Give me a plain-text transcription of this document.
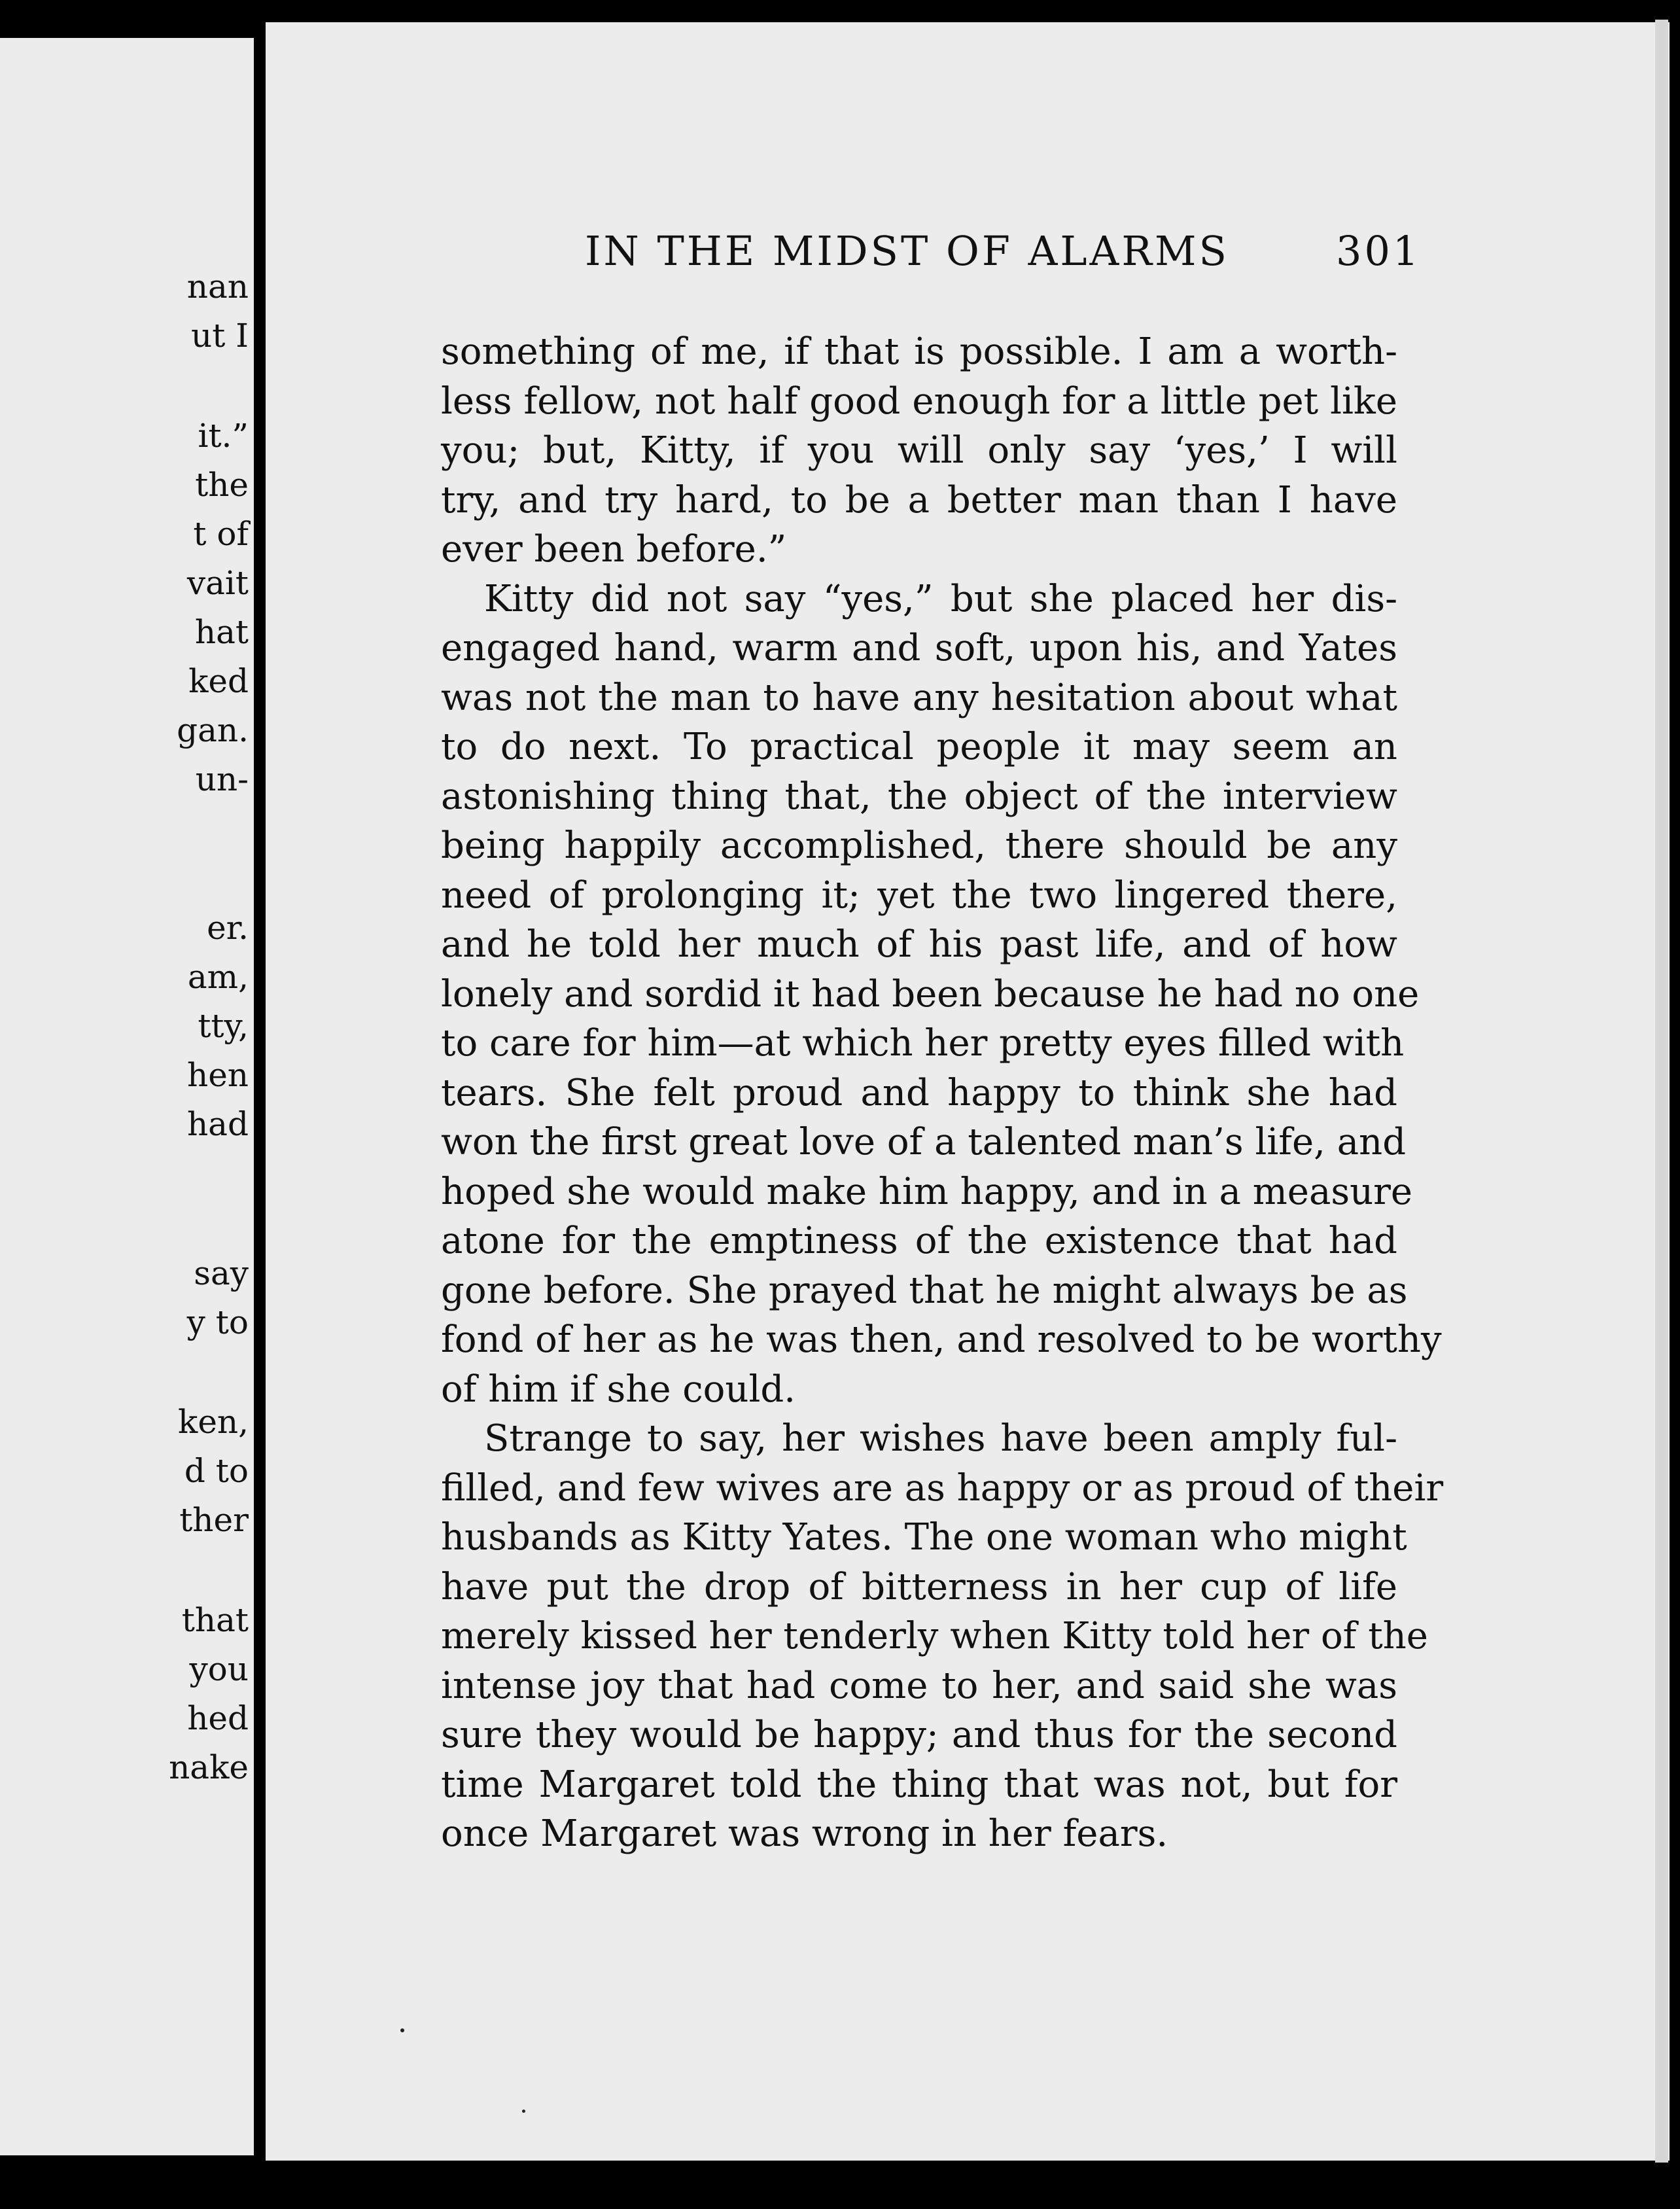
nan
ut I
it.”
the
t of
vait
hat
ked
gan.
un-
er.
am,
tty,
hen
had
say
y to
ken,
d to
ther
that
you
hed
nake
IN THE MIDST OF ALARMS	301
something of me, if that is possible. I am a worth-
less fellow, not half good enough for a little pet like
you; but, Kitty, if you will only say ‘yes,’ I will
try, and try hard, to be a better man than I have
ever been before.”
Kitty did not say “yes,” but she placed her dis-
engaged hand, warm and soft, upon his, and Yates
was not the man to have any hesitation about what
to do next. To practical people it may seem an
astonishing thing that, the object of the interview
being happily accomplished, there should be any
need of prolonging it; yet the two lingered there,
and he told her much of his past life, and of how
lonely and sordid it had been because he had no one
to care for him—at which her pretty eyes filled with
tears. She felt proud and happy to think she had
won the first great love of a talented man’s life, and
hoped she would make him happy, and in a measure
atone for the emptiness of the existence that had
gone before. She prayed that he might always be as
fond of her as he was then, and resolved to be worthy
of him if she could.
Strange to say, her wishes have been amply ful-
filled, and few wives are as happy or as proud of their
husbands as Kitty Yates. The one woman who might
have put the drop of bitterness in her cup of life
merely kissed her tenderly when Kitty told her of the
intense joy that had come to her, and said she was
sure they would be happy; and thus for the second
time Margaret told the thing that was not, but for
once Margaret was wrong in her fears.
